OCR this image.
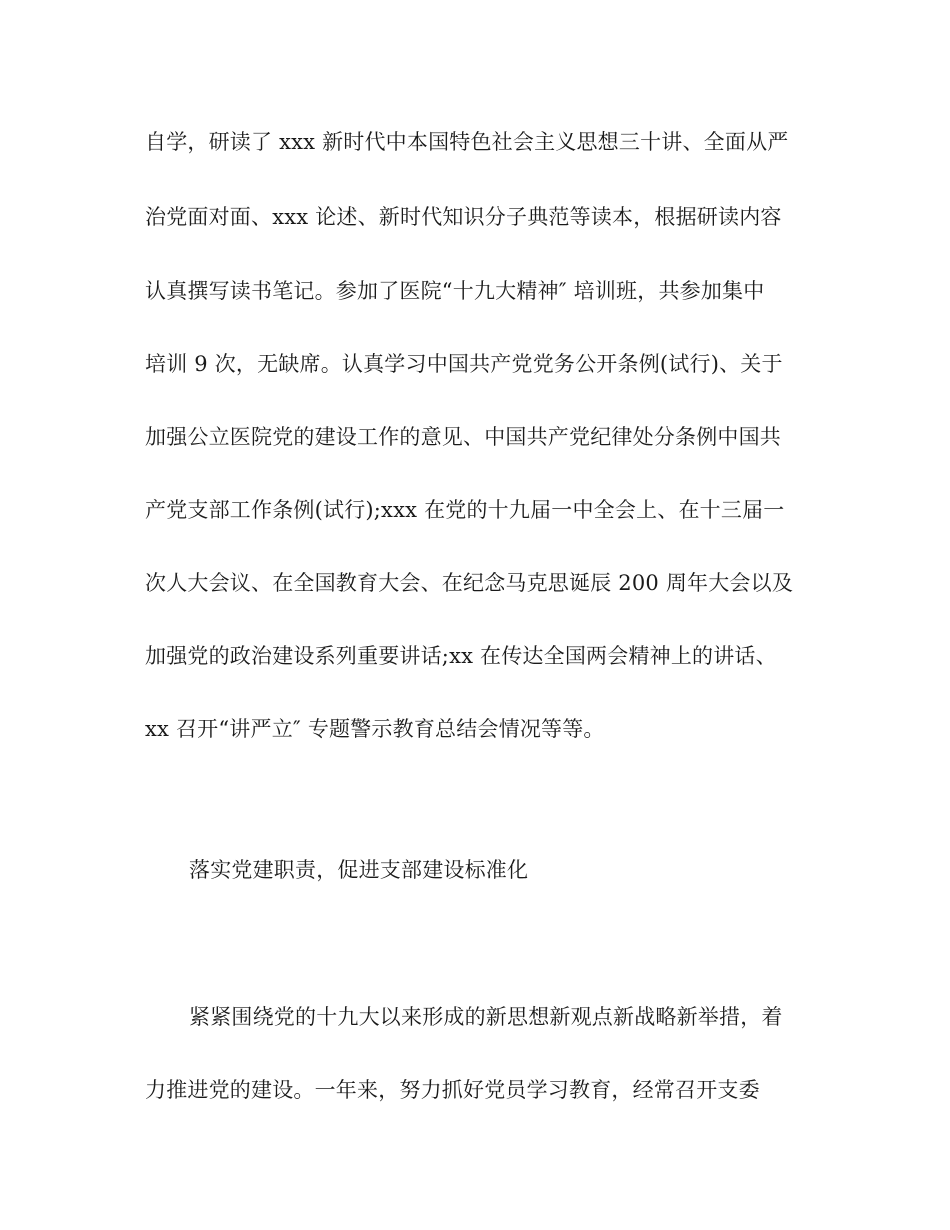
自学，研读了 xxx 新时代中本国特色社会主义思想三十讲、全面从严
治党面对面、xxx 论述、新时代知识分子典范等读本，根据研读内容
认真撰写读书笔记。参加了医院“十九大精神″ 培训班，共参加集中
培训 9 次，无缺席。认真学习中国共产党党务公开条例(试行)、关于
加强公立医院党的建设工作的意见、中国共产党纪律处分条例中国共
产党支部工作条例(试行);xxx 在党的十九届一中全会上、在十三届一
次人大会议、在全国教育大会、在纪念马克思诞辰 200 周年大会以及
加强党的政治建设系列重要讲话;xx 在传达全国两会精神上的讲话、
xx 召开“讲严立″ 专题警示教育总结会情况等等。
落实党建职责，促进支部建设标准化
紧紧围绕党的十九大以来形成的新思想新观点新战略新举措，着
力推进党的建设。一年来，努力抓好党员学习教育，经常召开支委
